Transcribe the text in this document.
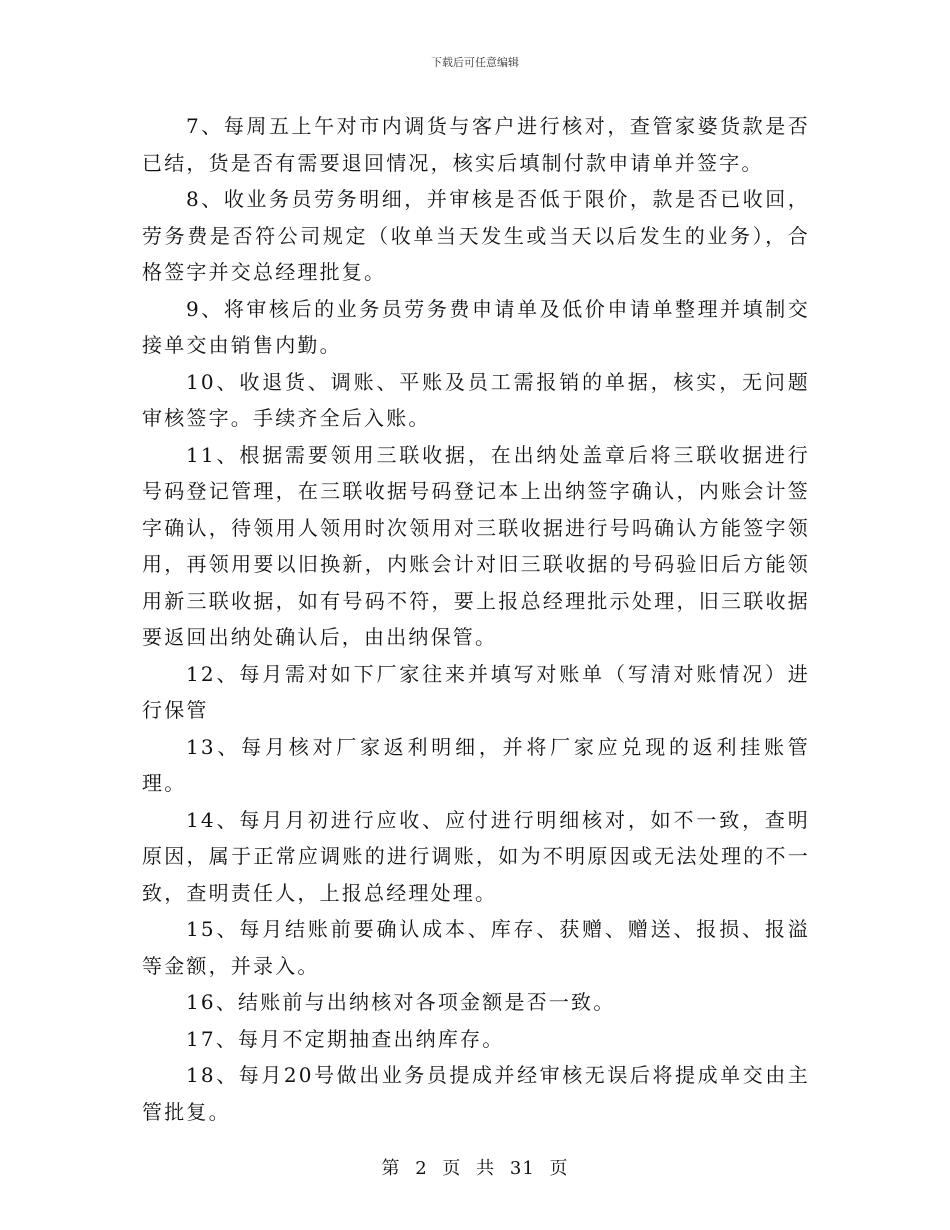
下载后可任意编辑

7、每周五上午对市内调货与客户进行核对，查管家婆货款是否已结，货是否有需要退回情况，核实后填制付款申请单并签字。

8、收业务员劳务明细，并审核是否低于限价，款是否已收回，劳务费是否符公司规定（收单当天发生或当天以后发生的业务），合格签字并交总经理批复。

9、将审核后的业务员劳务费申请单及低价申请单整理并填制交接单交由销售内勤。

10、收退货、调账、平账及员工需报销的单据，核实，无问题审核签字。手续齐全后入账。

11、根据需要领用三联收据，在出纳处盖章后将三联收据进行号码登记管理，在三联收据号码登记本上出纳签字确认，内账会计签字确认，待领用人领用时次领用对三联收据进行号吗确认方能签字领用，再领用要以旧换新，内账会计对旧三联收据的号码验旧后方能领用新三联收据，如有号码不符，要上报总经理批示处理，旧三联收据要返回出纳处确认后，由出纳保管。

12、每月需对如下厂家往来并填写对账单（写清对账情况）进行保管

13、每月核对厂家返利明细，并将厂家应兑现的返利挂账管理。

14、每月月初进行应收、应付进行明细核对，如不一致，查明原因，属于正常应调账的进行调账，如为不明原因或无法处理的不一致，查明责任人，上报总经理处理。

15、每月结账前要确认成本、库存、获赠、赠送、报损、报溢等金额，并录入。

16、结账前与出纳核对各项金额是否一致。

17、每月不定期抽查出纳库存。

18、每月20号做出业务员提成并经审核无误后将提成单交由主管批复。

第 2 页 共 31 页
